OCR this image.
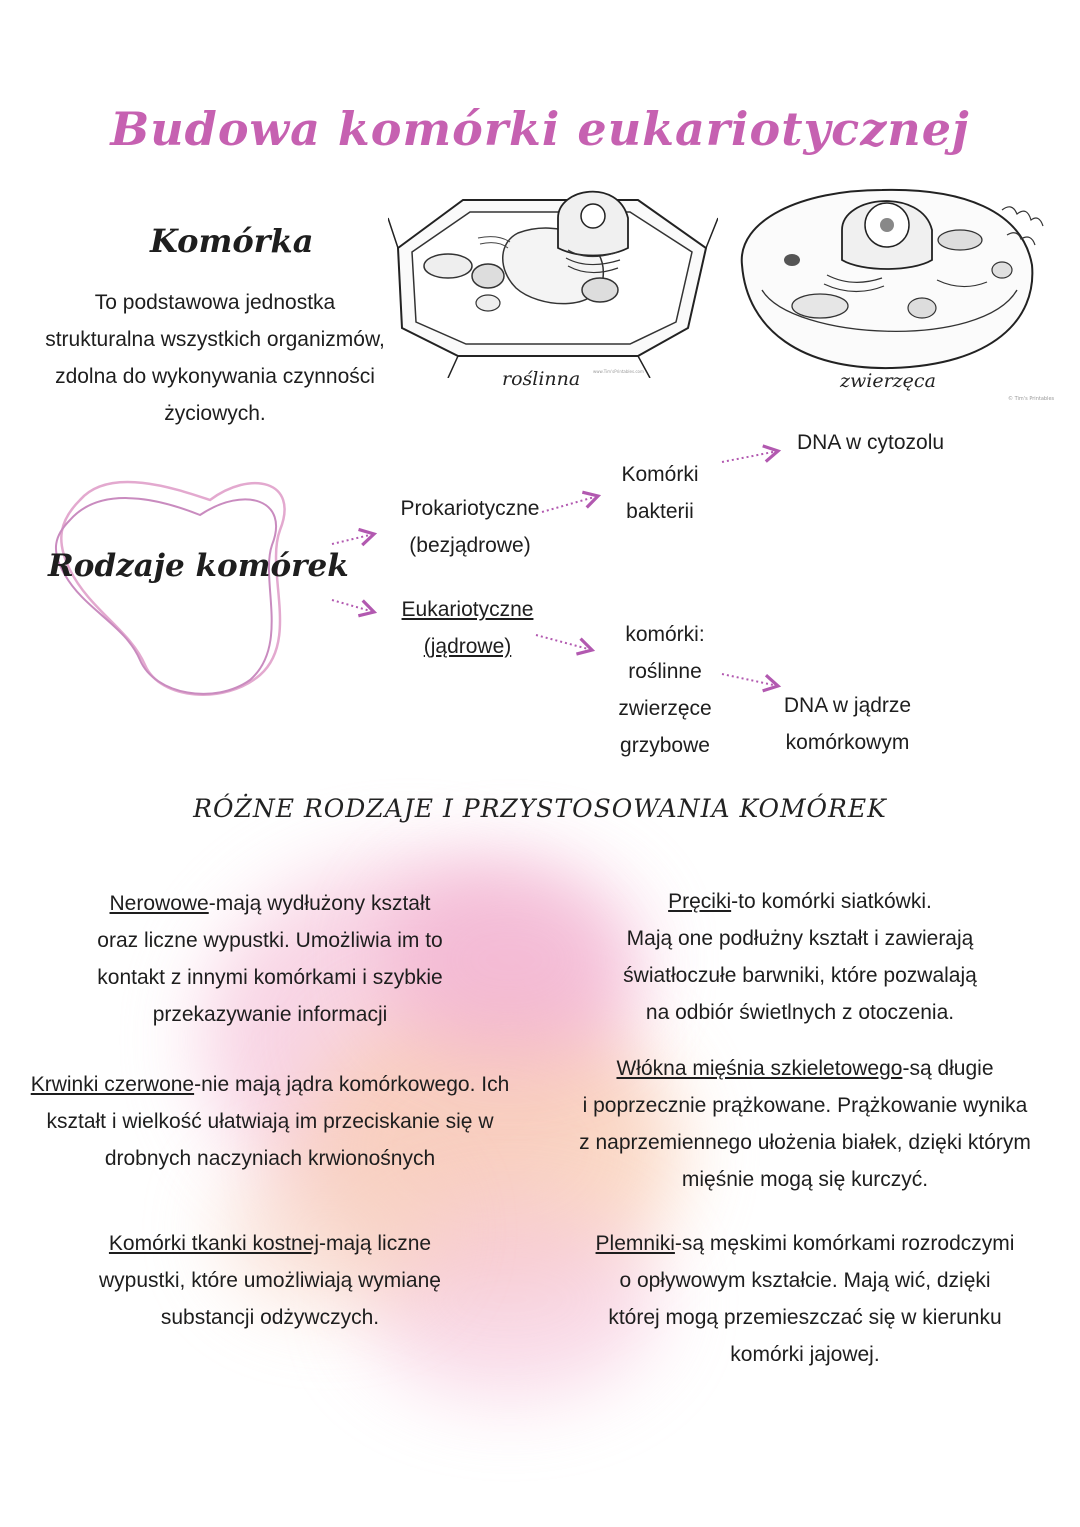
Budowa komórki eukariotycznej
Komórka
To podstawowa jednostka
strukturalna wszystkich organizmów,
zdolna do wykonywania czynności
życiowych.
www.Tim'sPrintables.com
roślinna	zwierzęca
© Tim's Printables
Rodzaje komórek
Prokariotyczne
(bezjądrowe)
Eukariotyczne
(jądrowe)
Komórki
bakterii
DNA w cytozolu
komórki:
roślinne
zwierzęce
grzybowe
DNA w jądrze
komórkowym
RÓŻNE RODZAJE I PRZYSTOSOWANIA KOMÓREK
Nerowowe-mają wydłużony kształt
oraz liczne wypustki. Umożliwia im to
kontakt z innymi komórkami i szybkie
przekazywanie informacji
Krwinki czerwone-nie mają jądra komórkowego. Ich
kształt i wielkość ułatwiają im przeciskanie się w
drobnych naczyniach krwionośnych
Komórki tkanki kostnej-mają liczne
wypustki, które umożliwiają wymianę
substancji odżywczych.
Pręciki-to komórki siatkówki.
Mają one podłużny kształt i zawierają
światłoczułe barwniki, które pozwalają
na odbiór świetlnych z otoczenia.
Włókna mięśnia szkieletowego-są długie
i poprzecznie prążkowane. Prążkowanie wynika
z naprzemiennego ułożenia białek, dzięki którym
mięśnie mogą się kurczyć.
Plemniki-są męskimi komórkami rozrodczymi
o opływowym kształcie. Mają wić, dzięki
której mogą przemieszczać się w kierunku
komórki jajowej.
